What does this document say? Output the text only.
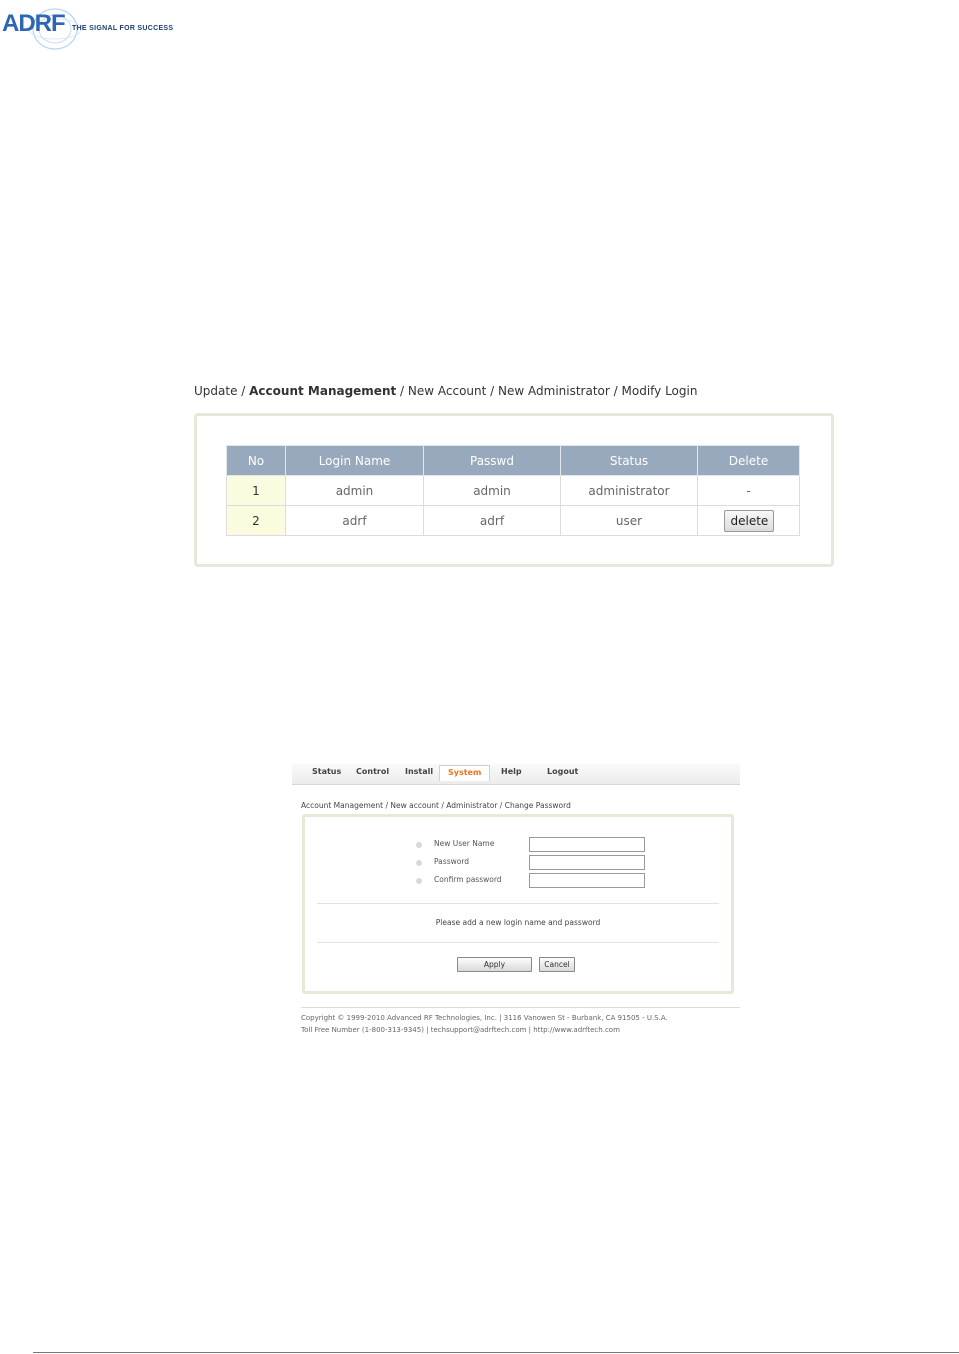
ADRF THE SIGNAL FOR SUCCESS
Update / Account Management / New Account / New Administrator / Modify Login
No	Login Name	Passwd	Status	Delete
1	admin	admin	administrator	-
2	adrf	adrf	user	delete
Status Control Install	System	Help	Logout
Account Management / New account / Administrator / Change Password
New User Name
Password
Confirm password
Please add a new login name and password
Apply	Cancel
Copyright © 1999-2010 Advanced RF Technologies, Inc. | 3116 Vanowen St - Burbank, CA 91505 - U.S.A.
Toll Free Number (1-800-313-9345) | techsupport@adrftech.com | http://www.adrftech.com
